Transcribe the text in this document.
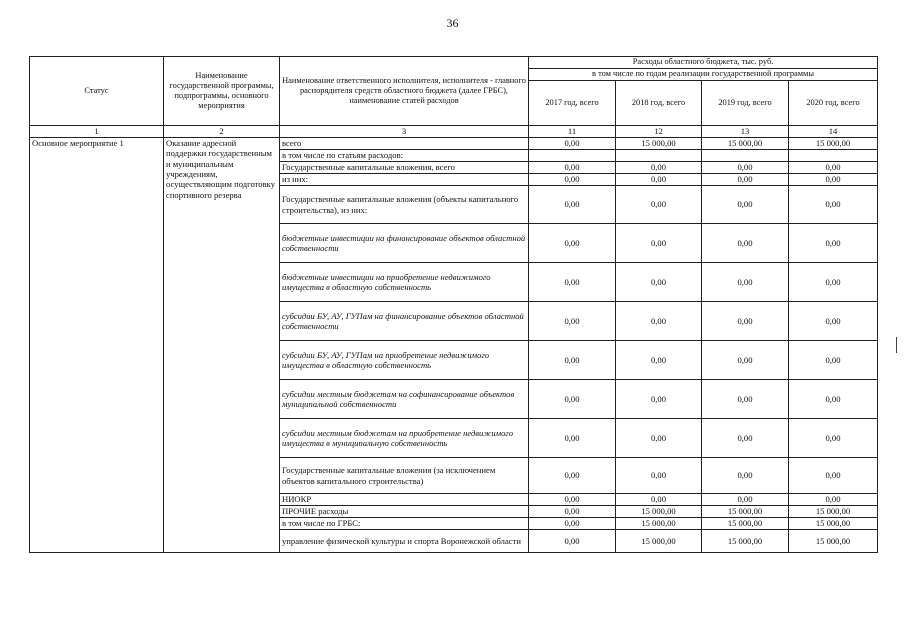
36
Статус	Наименование государственной программы, подпрограммы, основного мероприятия	Наименование ответственного исполнителя, исполнителя - главного распорядителя средств областного бюджета (далее ГРБС), наименование статей расходов	Расходы областного бюджета, тыс. руб.			
			в том числе по годам реализации государственной программы			
			2017 год, всего	2018 год, всего	2019 год, всего	2020 год, всего
1	2	3	11	12	13	14
Основное мероприятие 1	Оказание адресной поддержки государственным и муниципальным учреждениям, осуществляющим подготовку спортивного резерва	всего	0,00	15 000,00	15 000,00	15 000,00
		в том числе по статьям расходов:				
		Государственные капитальные вложения, всего	0,00	0,00	0,00	0,00
		из них:	0,00	0,00	0,00	0,00
		Государственные капитальные вложения (объекты капитального строительства), из них:	0,00	0,00	0,00	0,00
		бюджетные инвестиции на финансирование объектов областной собственности	0,00	0,00	0,00	0,00
		бюджетные инвестиции на приобретение недвижимого имущества в областную собственность	0,00	0,00	0,00	0,00
		субсидии БУ, АУ, ГУПам на финансирование объектов областной собственности	0,00	0,00	0,00	0,00
		субсидии БУ, АУ, ГУПам на приобретение недвижимого имущества в областную собственность	0,00	0,00	0,00	0,00
		субсидии местным бюджетам на софинансирование объектов муниципальной собственности	0,00	0,00	0,00	0,00
		субсидии местным бюджетам на приобретение недвижимого имущества в муниципальную собственность	0,00	0,00	0,00	0,00
		Государственные капитальные вложения (за исключением объектов капитального строительства)	0,00	0,00	0,00	0,00
		НИОКР	0,00	0,00	0,00	0,00
		ПРОЧИЕ расходы	0,00	15 000,00	15 000,00	15 000,00
		в том числе по ГРБС:	0,00	15 000,00	15 000,00	15 000,00
		управление физической культуры и спорта Воронежской области	0,00	15 000,00	15 000,00	15 000,00
